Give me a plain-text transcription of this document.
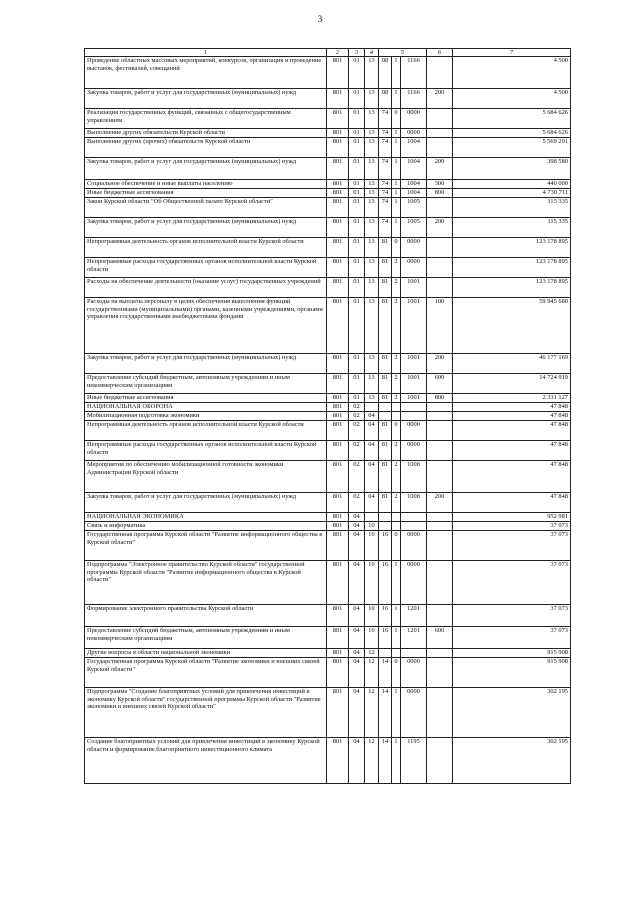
3
1	2	3	4	5			6	7
Проведение областных массовых мероприятий, конкурсов, организация и проведение выставок, фестивалей, совещаний	801	01	13	08	1	1166		4 500
Закупка товаров, работ и услуг для государственных (муниципальных) нужд	801	01	13	08	1	1166	200	4 500
Реализация государственных функций, связанных с общегосударственным управлением	801	01	13	74	0	0000		5 684 626
Выполнение других обязательств Курской области	801	01	13	74	1	0000		5 684 626
Выполнение других (прочих) обязательств Курской области	801	01	13	74	1	1004		5 569 291
Закупка товаров, работ и услуг для государственных (муниципальных) нужд	801	01	13	74	1	1004	200	398 580
Социальное обеспечение и иные выплаты населению	801	01	13	74	1	1004	300	440 000
Иные бюджетные ассигнования	801	01	13	74	1	1004	800	4 730 711
Закон Курской области "Об Общественной палате Курской области"	801	01	13	74	1	1005		115 335
Закупка товаров, работ и услуг для государственных (муниципальных) нужд	801	01	13	74	1	1005	200	115 335
Непрограммная деятельность органов исполнительной власти Курской области	801	01	13	81	0	0000		123 178 895
Непрограммные расходы государственных органов исполнительной власти Курской области	801	01	13	81	2	0000		123 178 895
Расходы на обеспечение деятельности (оказание услуг) государственных учреждений	801	01	13	81	2	1001		123 178 895
Расходы на выплаты персоналу в целях обеспечения выполнения функций государственными (муниципальными) органами, казенными учреждениями, органами управления государственными внебюджетными фондами	801	01	13	81	2	1001	100	59 945 680
Закупка товаров, работ и услуг для государственных (муниципальных) нужд	801	01	13	81	2	1001	200	46 177 169
Предоставление субсидий бюджетным, автономным учреждениям и иным некоммерческим организациям	801	01	13	81	2	1001	600	14 724 919
Иные бюджетные ассигнования	801	01	13	81	2	1001	800	2 331 127
НАЦИОНАЛЬНАЯ ОБОРОНА	801	02						47 848
Мобилизационная подготовка экономики	801	02	04					47 848
Непрограммная деятельность органов исполнительной власти Курской области	801	02	04	81	0	0000		47 848
Непрограммные расходы государственных органов исполнительной власти Курской области	801	02	04	81	2	0000		47 848
Мероприятия по обеспечению мобилизационной готовности экономики Администрации Курской области	801	02	04	81	2	1008		47 848
Закупка товаров, работ и услуг для государственных (муниципальных) нужд	801	02	04	81	2	1008	200	47 848
НАЦИОНАЛЬНАЯ ЭКОНОМИКА	801	04						952 981
Связь и информатика	801	04	10					37 073
Государственная программа Курской области "Развитие информационного общества в Курской области"	801	04	10	16	0	0000		37 073
Подпрограмма "Электронное правительство Курской области" государственной программы Курской области "Развитие информационного общества в Курской области"	801	04	10	16	1	0000		37 073
Формирование электронного правительства Курской области	801	04	10	16	1	1201		37 073
Предоставление субсидий бюджетным, автономным учреждениям и иным некоммерческим организациям	801	04	10	16	1	1201	600	37 073
Другие вопросы в области национальной экономики	801	04	12					915 908
Государственная программа Курской области "Развитие экономики и внешних связей Курской области"	801	04	12	14	0	0000		915 908
Подпрограмма "Создание благоприятных условий для привлечения инвестиций в экономику Курской области" государственной программы Курской области "Развитие экономики и внешних связей Курской области"	801	04	12	14	1	0000		302 195
Создание благоприятных условий для привлечения инвестиций в экономику Курской области и формирование благоприятного инвестиционного климата	801	04	12	14	1	1195		302 195
